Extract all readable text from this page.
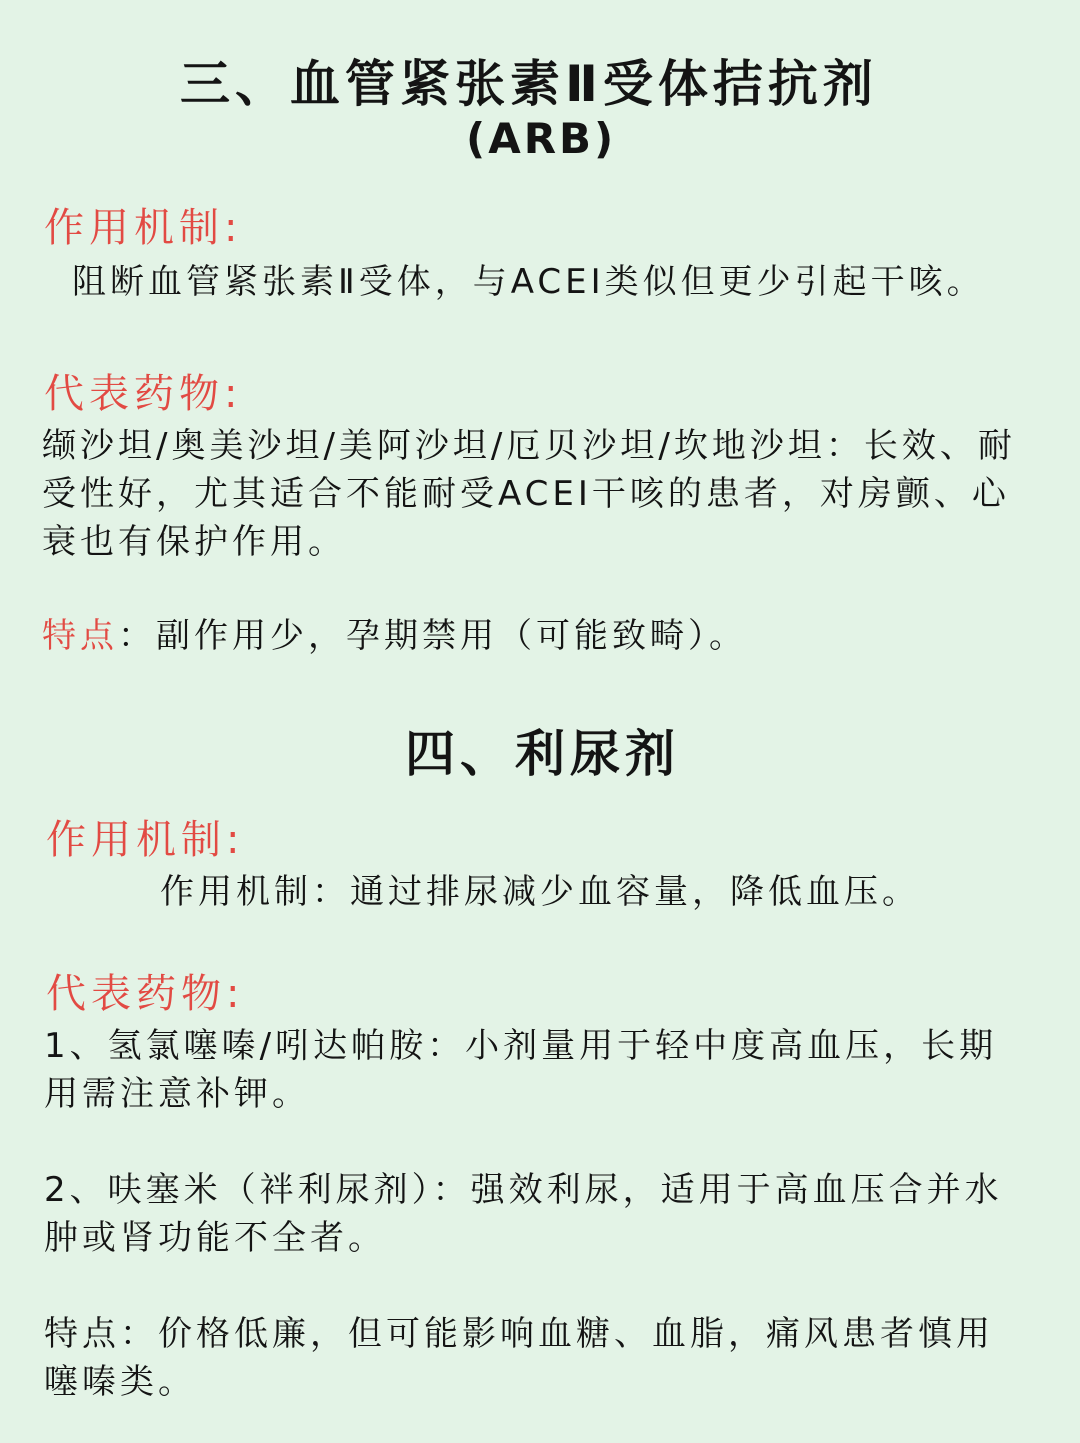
三、血管紧张素Ⅱ受体拮抗剂
(ARB)
作用机制:
阻断血管紧张素Ⅱ受体，与ACEI类似但更少引起干咳。
代表药物:
缬沙坦/奥美沙坦/美阿沙坦/厄贝沙坦/坎地沙坦：长效、耐
受性好，尤其适合不能耐受ACEI干咳的患者，对房颤、心
衰也有保护作用。
特点：副作用少，孕期禁用（可能致畸）。
四、利尿剂
作用机制:
作用机制：通过排尿减少血容量，降低血压。
代表药物:
1、氢氯噻嗪/吲达帕胺：小剂量用于轻中度高血压，长期
用需注意补钾。
2、呋塞米（袢利尿剂）：强效利尿，适用于高血压合并水
肿或肾功能不全者。
特点：价格低廉，但可能影响血糖、血脂，痛风患者慎用
噻嗪类。
